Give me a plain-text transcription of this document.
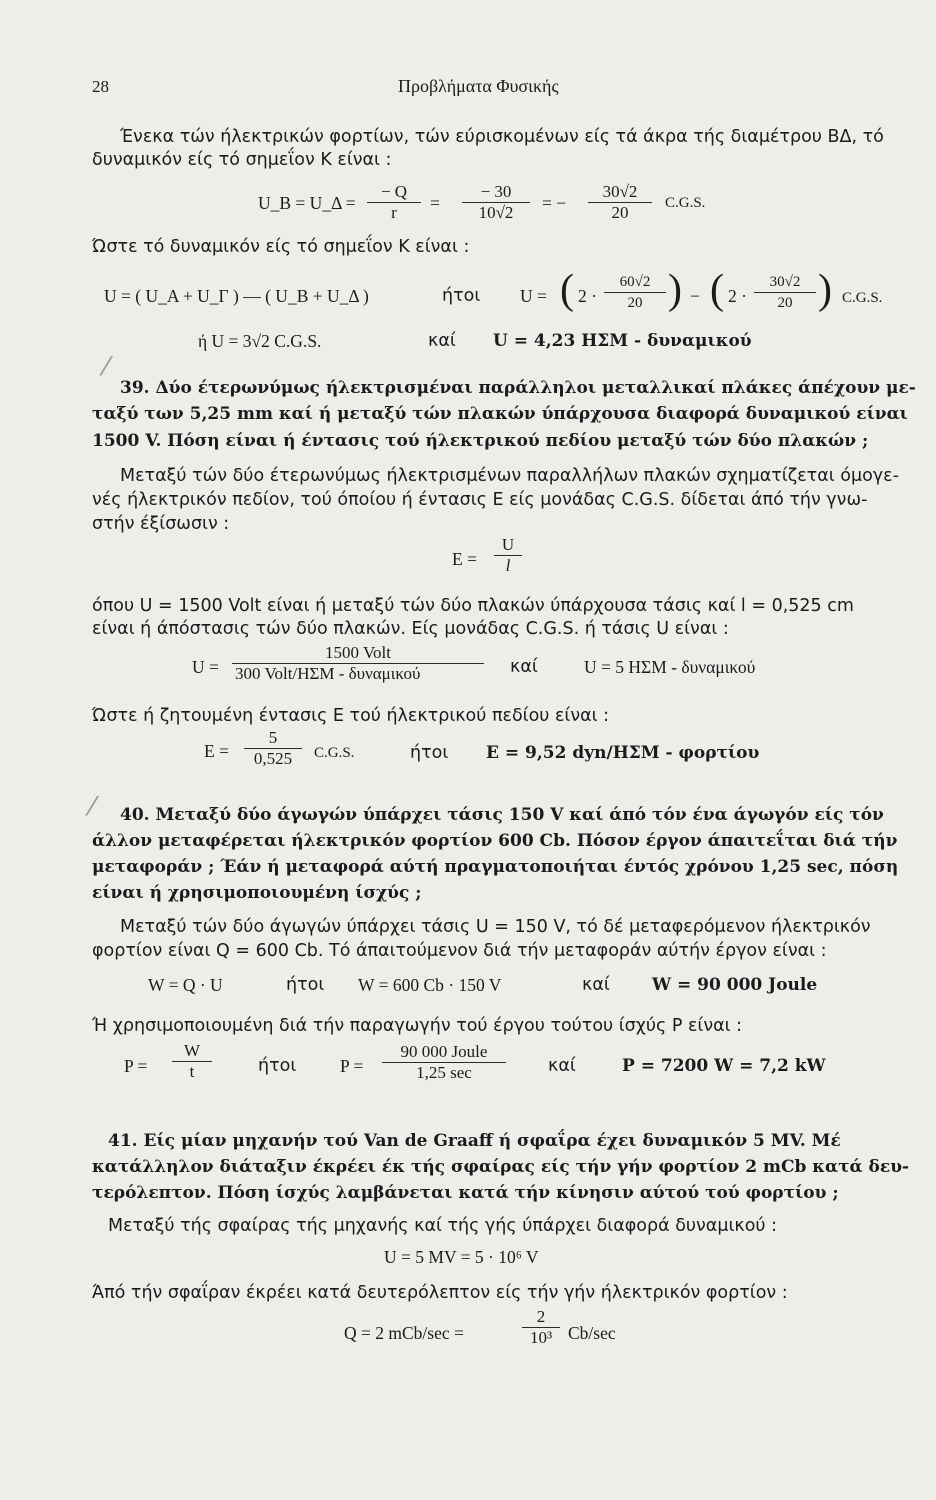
28	Προβλήματα Φυσικής
Ένεκα τών ήλεκτρικών φορτίων, τών εύρισκομένων είς τά άκρα τής διαμέτρου ΒΔ, τό
δυναμικόν είς τό σημεΐον Κ είναι :
U_B = U_Δ =
− Q
r	=
− 30
10√2	= −
30√2
20	C.G.S.
Ώστε τό δυναμικόν είς τό σημεΐον Κ είναι :
U = ( U_A + U_Γ ) — ( U_B + U_Δ )	ήτοι U = ( 2 ·
60√2
20 ) − ( 2 ·
30√2
20 ) C.G.S.
ή U = 3√2 C.G.S.	καί U = 4,23 ΗΣΜ - δυναμικού
⁄
39. Δύο έτερωνύμως ήλεκτρισμέναι παράλληλοι μεταλλικαί πλάκες άπέχουν με-
ταξύ των 5,25 mm καί ή μεταξύ τών πλακών ύπάρχουσα διαφορά δυναμικού είναι
1500 V. Πόση είναι ή έντασις τού ήλεκτρικού πεδίου μεταξύ τών δύο πλακών ;
Μεταξύ τών δύο έτερωνύμως ήλεκτρισμένων παραλλήλων πλακών σχηματίζεται όμογε-
νές ήλεκτρικόν πεδίον, τού όποίου ή έντασις Ε είς μονάδας C.G.S. δίδεται άπό τήν γνω-
στήν έξίσωσιν :
E =
U
l
όπου U = 1500 Volt είναι ή μεταξύ τών δύο πλακών ύπάρχουσα τάσις καί l = 0,525 cm
είναι ή άπόστασις τών δύο πλακών. Είς μονάδας C.G.S. ή τάσις U είναι :
U =
1500 Volt
300 Volt/ΗΣΜ - δυναμικού	καί	U = 5 ΗΣΜ - δυναμικού
Ώστε ή ζητουμένη έντασις Ε τού ήλεκτρικού πεδίου είναι :
E =
5
0,525	C.G.S.	ήτοι E = 9,52 dyn/ΗΣΜ - φορτίου
⁄ 40. Μεταξύ δύο άγωγών ύπάρχει τάσις 150 V καί άπό τόν ένα άγωγόν είς τόν
άλλον μεταφέρεται ήλεκτρικόν φορτίον 600 Cb. Πόσον έργον άπαιτεΐται διά τήν
μεταφοράν ; Έάν ή μεταφορά αύτή πραγματοποιήται έντός χρόνου 1,25 sec, πόση
είναι ή χρησιμοποιουμένη ίσχύς ;
Μεταξύ τών δύο άγωγών ύπάρχει τάσις U = 150 V, τό δέ μεταφερόμενον ήλεκτρικόν
φορτίον είναι Q = 600 Cb. Τό άπαιτούμενον διά τήν μεταφοράν αύτήν έργον είναι :
W = Q · U	ήτοι W = 600 Cb · 150 V	καί W = 90 000 Joule
Ή χρησιμοποιουμένη διά τήν παραγωγήν τού έργου τούτου ίσχύς P είναι :
P =
W
t	ήτοι P =
90 000 Joule
1,25 sec	καί	P = 7200 W = 7,2 kW
41. Είς μίαν μηχανήν τού Van de Graaff ή σφαΐρα έχει δυναμικόν 5 MV. Μέ
κατάλληλον διάταξιν έκρέει έκ τής σφαίρας είς τήν γήν φορτίον 2 mCb κατά δευ-
τερόλεπτον. Πόση ίσχύς λαμβάνεται κατά τήν κίνησιν αύτού τού φορτίου ;
Μεταξύ τής σφαίρας τής μηχανής καί τής γής ύπάρχει διαφορά δυναμικού :
U = 5 MV = 5 · 10⁶ V
Άπό τήν σφαΐραν έκρέει κατά δευτερόλεπτον είς τήν γήν ήλεκτρικόν φορτίον :
Q = 2 mCb/sec =
2
10³ Cb/sec
